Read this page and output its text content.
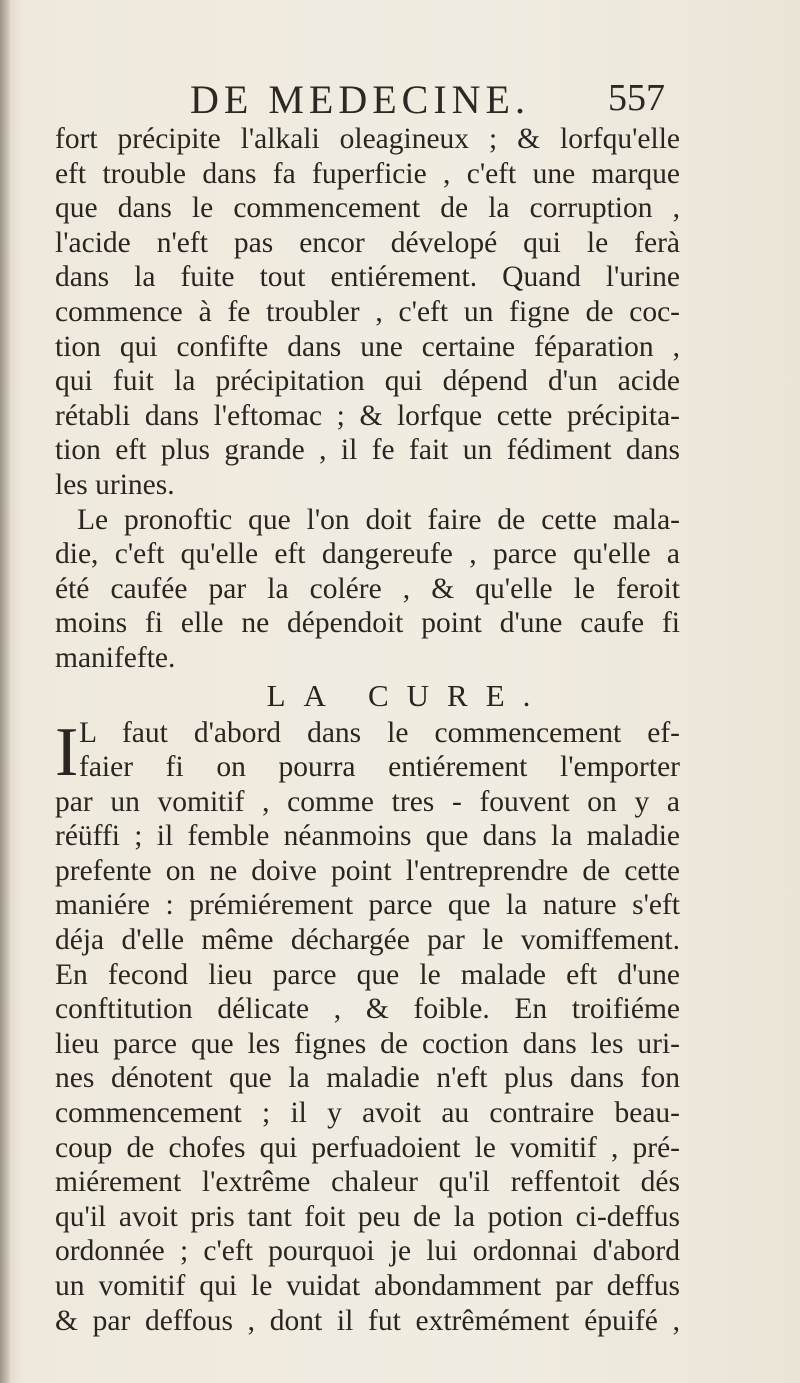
DE MEDECINE. 557
fort précipite l'alkali oleagineux ; & lorfqu'elle
eft trouble dans fa fuperficie , c'eft une marque
que dans le commencement de la corruption ,
l'acide n'eft pas encor dévelopé qui le ferà
dans la fuite tout entiérement. Quand l'urine
commence à fe troubler , c'eft un figne de coc-
tion qui confifte dans une certaine féparation ,
qui fuit la précipitation qui dépend d'un acide
rétabli dans l'eftomac ; & lorfque cette précipita-
tion eft plus grande , il fe fait un fédiment dans
les urines.
Le pronoftic que l'on doit faire de cette mala-
die, c'eft qu'elle eft dangereufe , parce qu'elle a
été caufée par la colére , & qu'elle le feroit
moins fi elle ne dépendoit point d'une caufe fi
manifefte.
LA CURE.
I L faut d'abord dans le commencement ef-
faier fi on pourra entiérement l'emporter
par un vomitif , comme tres - fouvent on y a
réüffi ; il femble néanmoins que dans la maladie
prefente on ne doive point l'entreprendre de cette
maniére : prémiérement parce que la nature s'eft
déja d'elle même déchargée par le vomiffement.
En fecond lieu parce que le malade eft d'une
conftitution délicate , & foible. En troifiéme
lieu parce que les fignes de coction dans les uri-
nes dénotent que la maladie n'eft plus dans fon
commencement ; il y avoit au contraire beau-
coup de chofes qui perfuadoient le vomitif , pré-
miérement l'extrême chaleur qu'il reffentoit dés
qu'il avoit pris tant foit peu de la potion ci-deffus
ordonnée ; c'eft pourquoi je lui ordonnai d'abord
un vomitif qui le vuidat abondamment par deffus
& par deffous , dont il fut extrêmément épuifé ,
